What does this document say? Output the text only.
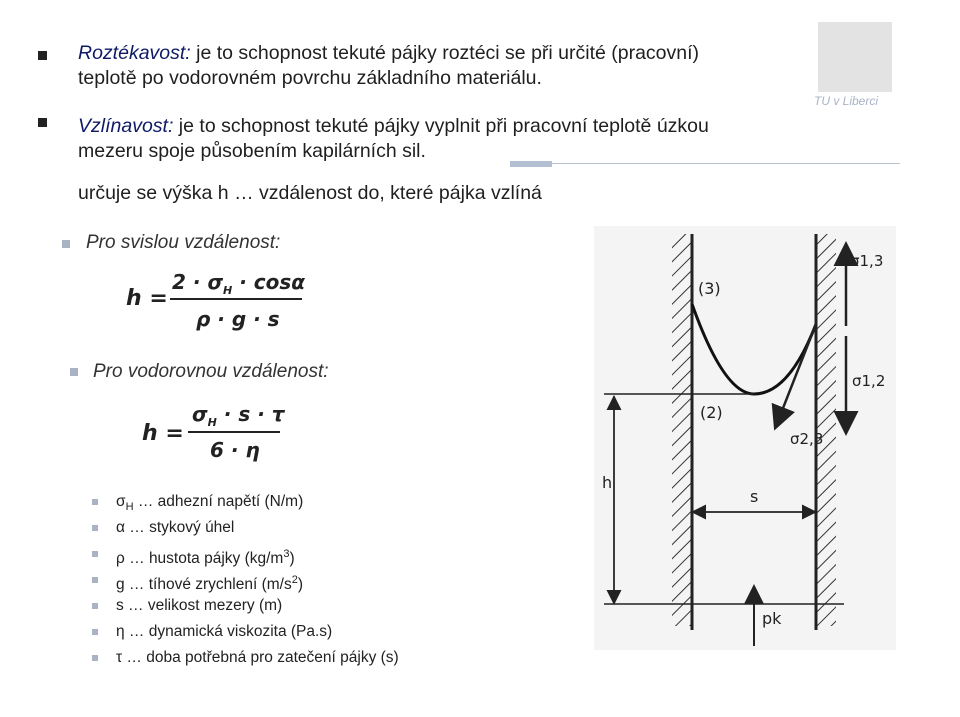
TU v Liberci
Roztékavost: je to schopnost tekuté pájky roztéci se při určité (pracovní)
teplotě po vodorovném povrchu základního materiálu.
Vzlínavost: je to schopnost tekuté pájky vyplnit při pracovní teplotě úzkou
mezeru spoje působením kapilárních sil.
určuje se výška h … vzdálenost do, které pájka vzlíná
Pro svislou vzdálenost:
h =
$2 \cdot \sigma_H \cdot \cos\alpha$
ρ · g · s
Pro vodorovnou vzdálenost:
h =
$\sigma_H \cdot s \cdot \tau$
6 · η
$\sigma_H$ … adhezní napětí (N/m)
α … stykový úhel
ρ … hustota pájky $(kg/m^3)$
g … tíhové zrychlení $(m/s^2)$
s … velikost mezery (m)
η … dynamická viskozita (Pa.s)
τ … doba potřebná pro zatečení pájky (s)
(3)
(2)
σ1,3
σ1,2
σ2,3
h
s
pk
